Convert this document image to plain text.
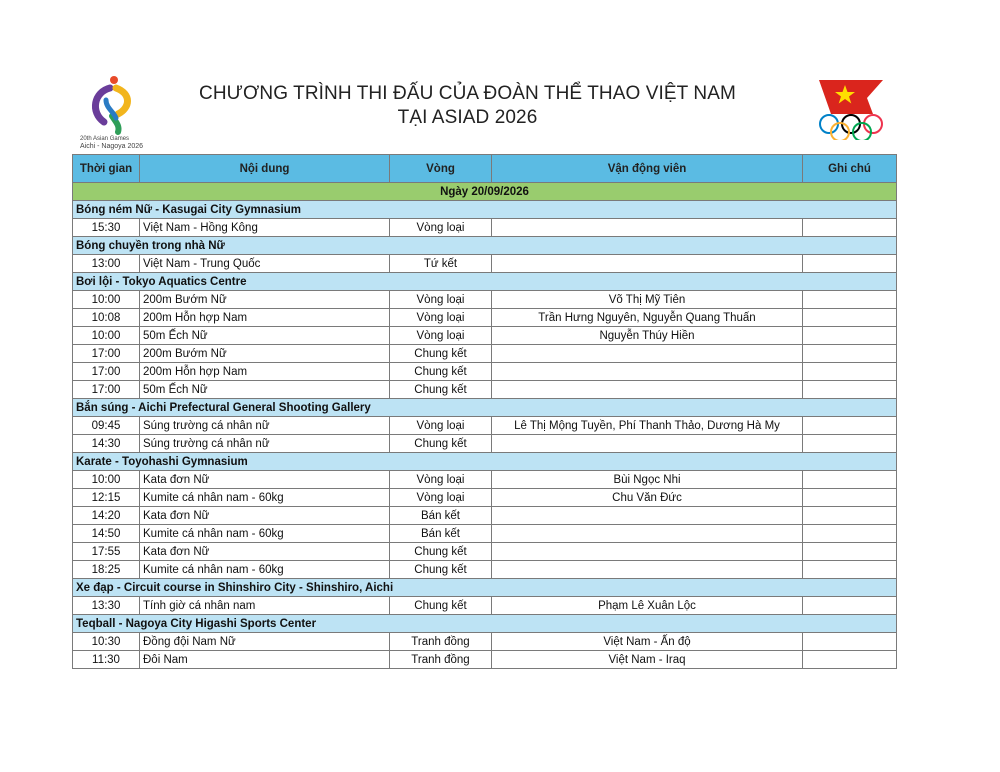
20th Asian Games
Aichi - Nagoya 2026
CHƯƠNG TRÌNH THI ĐẤU CỦA ĐOÀN THỂ THAO VIỆT NAM
TẠI ASIAD 2026
Thời gian	Nội dung	Vòng	Vận động viên	Ghi chú
Ngày 20/09/2026				
Bóng ném Nữ - Kasugai City Gymnasium				
15:30	Việt Nam - Hồng Kông	Vòng loại		
Bóng chuyền trong nhà Nữ				
13:00	Việt Nam - Trung Quốc	Tứ kết		
Bơi lội - Tokyo Aquatics Centre				
10:00	200m Bướm Nữ	Vòng loại	Võ Thị Mỹ Tiên	
10:08	200m Hỗn hợp Nam	Vòng loại	Trần Hưng Nguyên, Nguyễn Quang Thuấn	
10:00	50m Ếch Nữ	Vòng loại	Nguyễn Thúy Hiền	
17:00	200m Bướm Nữ	Chung kết		
17:00	200m Hỗn hợp Nam	Chung kết		
17:00	50m Ếch Nữ	Chung kết		
Bắn súng - Aichi Prefectural General Shooting Gallery				
09:45	Súng trường cá nhân nữ	Vòng loại	Lê Thị Mộng Tuyền, Phí Thanh Thảo, Dương Hà My	
14:30	Súng trường cá nhân nữ	Chung kết		
Karate - Toyohashi Gymnasium				
10:00	Kata đơn Nữ	Vòng loại	Bùi Ngọc Nhi	
12:15	Kumite cá nhân nam - 60kg	Vòng loại	Chu Văn Đức	
14:20	Kata đơn Nữ	Bán kết		
14:50	Kumite cá nhân nam - 60kg	Bán kết		
17:55	Kata đơn Nữ	Chung kết		
18:25	Kumite cá nhân nam - 60kg	Chung kết		
Xe đạp - Circuit course in Shinshiro City - Shinshiro, Aichi				
13:30	Tính giờ cá nhân nam	Chung kết	Phạm Lê Xuân Lộc	
Teqball - Nagoya City Higashi Sports Center				
10:30	Đồng đội Nam Nữ	Tranh đồng	Việt Nam - Ấn độ	
11:30	Đôi Nam	Tranh đồng	Việt Nam - Iraq	
